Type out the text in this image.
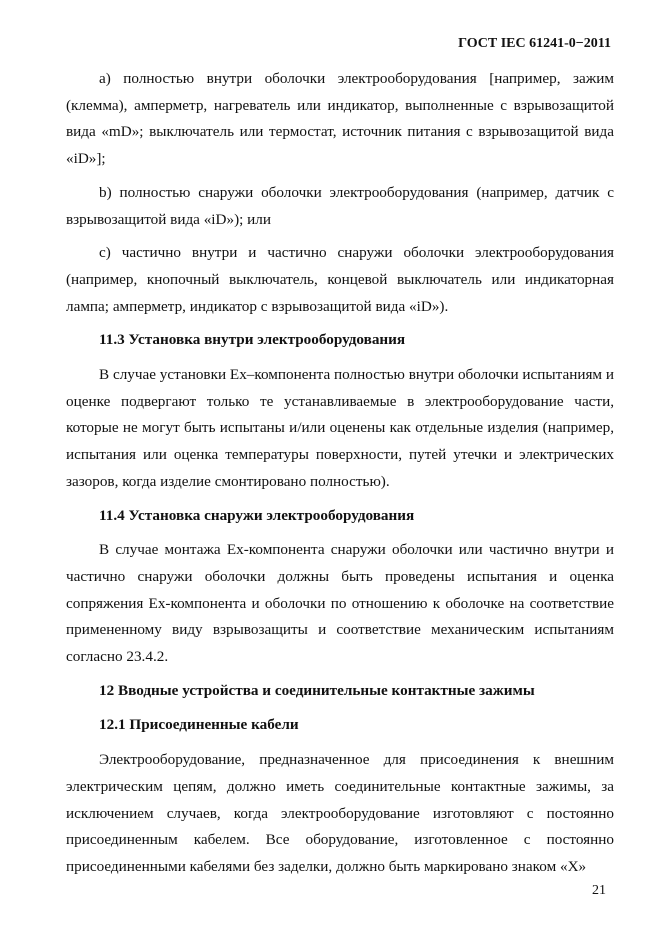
ГОСТ IEC 61241-0−2011

а) полностью внутри оболочки электрооборудования [например, зажим (клемма), амперметр, нагреватель или индикатор, выполненные с взрывозащитой вида «mD»; выключатель или термостат, источник питания с взрывозащитой вида «iD»];

b) полностью снаружи оболочки электрооборудования (например, датчик с взрывозащитой вида «iD»); или

с) частично внутри и частично снаружи оболочки электрооборудования (например, кнопочный выключатель, концевой выключатель или индикаторная лампа; амперметр, индикатор с взрывозащитой вида «iD»).

11.3 Установка внутри электрооборудования

В случае установки Ex–компонента полностью внутри оболочки испытаниям и оценке подвергают только те устанавливаемые в электрооборудование части, которые не могут быть испытаны и/или оценены как отдельные изделия (например, испытания или оценка температуры поверхности, путей утечки и электрических зазоров, когда изделие смонтировано полностью).

11.4 Установка снаружи электрооборудования

В случае монтажа Ex-компонента снаружи оболочки или частично внутри и частично снаружи оболочки должны быть проведены испытания и оценка сопряжения Ex-компонента и оболочки по отношению к оболочке на соответствие примененному виду взрывозащиты и соответствие механическим испытаниям согласно 23.4.2.

12 Вводные устройства и соединительные контактные зажимы
12.1 Присоединенные кабели

Электрооборудование, предназначенное для присоединения к внешним электрическим цепям, должно иметь соединительные контактные зажимы, за исключением случаев, когда электрооборудование изготовляют с постоянно присоединенным кабелем. Все оборудование, изготовленное с постоянно присоединенными кабелями без заделки, должно быть маркировано знаком «X»

21
